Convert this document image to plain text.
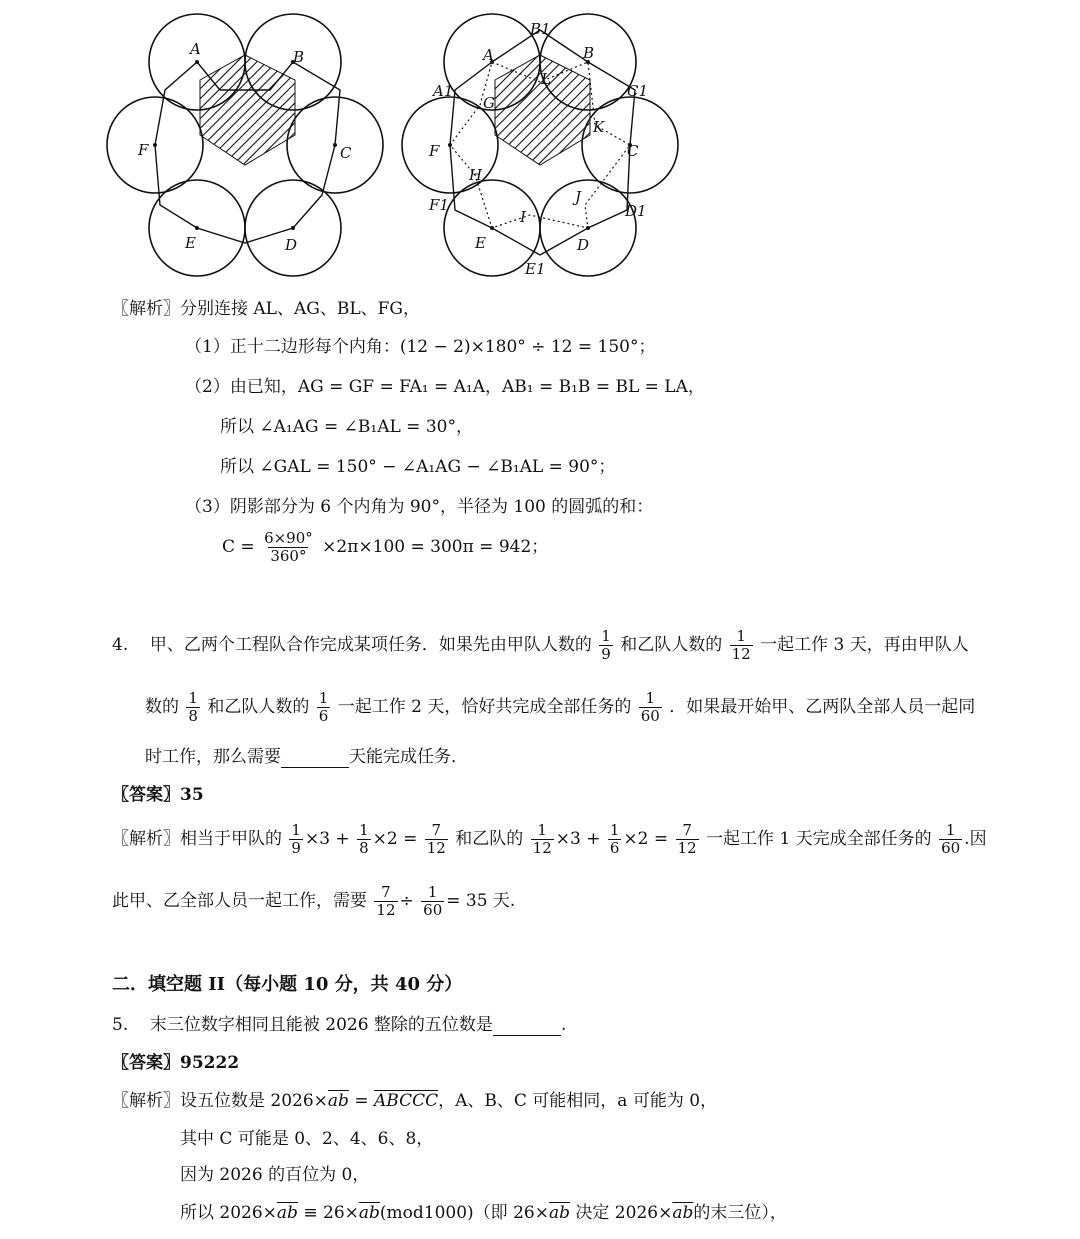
A	B
C
D
E
F
A	B
C
D
E
F
A1
B1
C1
D1
E1
F1
G
H
I
J
K
L
〖解析〗分别连接 AL、AG、BL、FG，
（1）正十二边形每个内角：(12 − 2)×180° ÷ 12 = 150°；
（2）由已知，AG = GF = FA₁ = A₁A，AB₁ = B₁B = BL = LA，
所以 ∠A₁AG = ∠B₁AL = 30°，
所以 ∠GAL = 150° − ∠A₁AG − ∠B₁AL = 90°；
（3）阴影部分为 6 个内角为 90°，半径为 100 的圆弧的和：
$C = \frac{6\times 90^\circ}{360^\circ} \times 2\pi\times 100 = 300\pi = 942$；
4. 甲、乙两个工程队合作完成某项任务．如果先由甲队人数的 $\frac{1}{9}$ 和乙队人数的 $\frac{1}{12}$ 一起工作 3 天，再由甲队人
数的 $\frac{1}{8}$ 和乙队人数的 $\frac{1}{6}$ 一起工作 2 天，恰好共完成全部任务的 $\frac{1}{60}$ ．如果最开始甲、乙两队全部人员一起同
时工作，那么需要	天能完成任务．
〖答案〗35
〖解析〗相当于甲队的 $\frac{1}{9} \times 3 + \frac{1}{8} \times 2 = \frac{7}{12}$ 和乙队的 $\frac{1}{12} \times 3 + \frac{1}{6} \times 2 = \frac{7}{12}$ 一起工作 1 天完成全部任务的 $\frac{1}{60}$ .因
此甲、乙全部人员一起工作，需要 $\frac{7}{12} \div \frac{1}{60} = 35$ 天.
二．填空题 II（每小题 10 分，共 40 分）
5. 末三位数字相同且能被 2026 整除的五位数是	.
〖答案〗95222
〖解析〗设五位数是 $2026\times\overline{ab}$ = ABCCC，A、B、C 可能相同，a 可能为 0，
其中 C 可能是 0、2、4、6、8，
因为 2026 的百位为 0，
所以 $2026\times\overline{ab} \equiv 26\times\overline{ab}(mod1000)$（即 $26\times\overline{ab}$ 决定 $2026\times\overline{ab}$的末三位），
